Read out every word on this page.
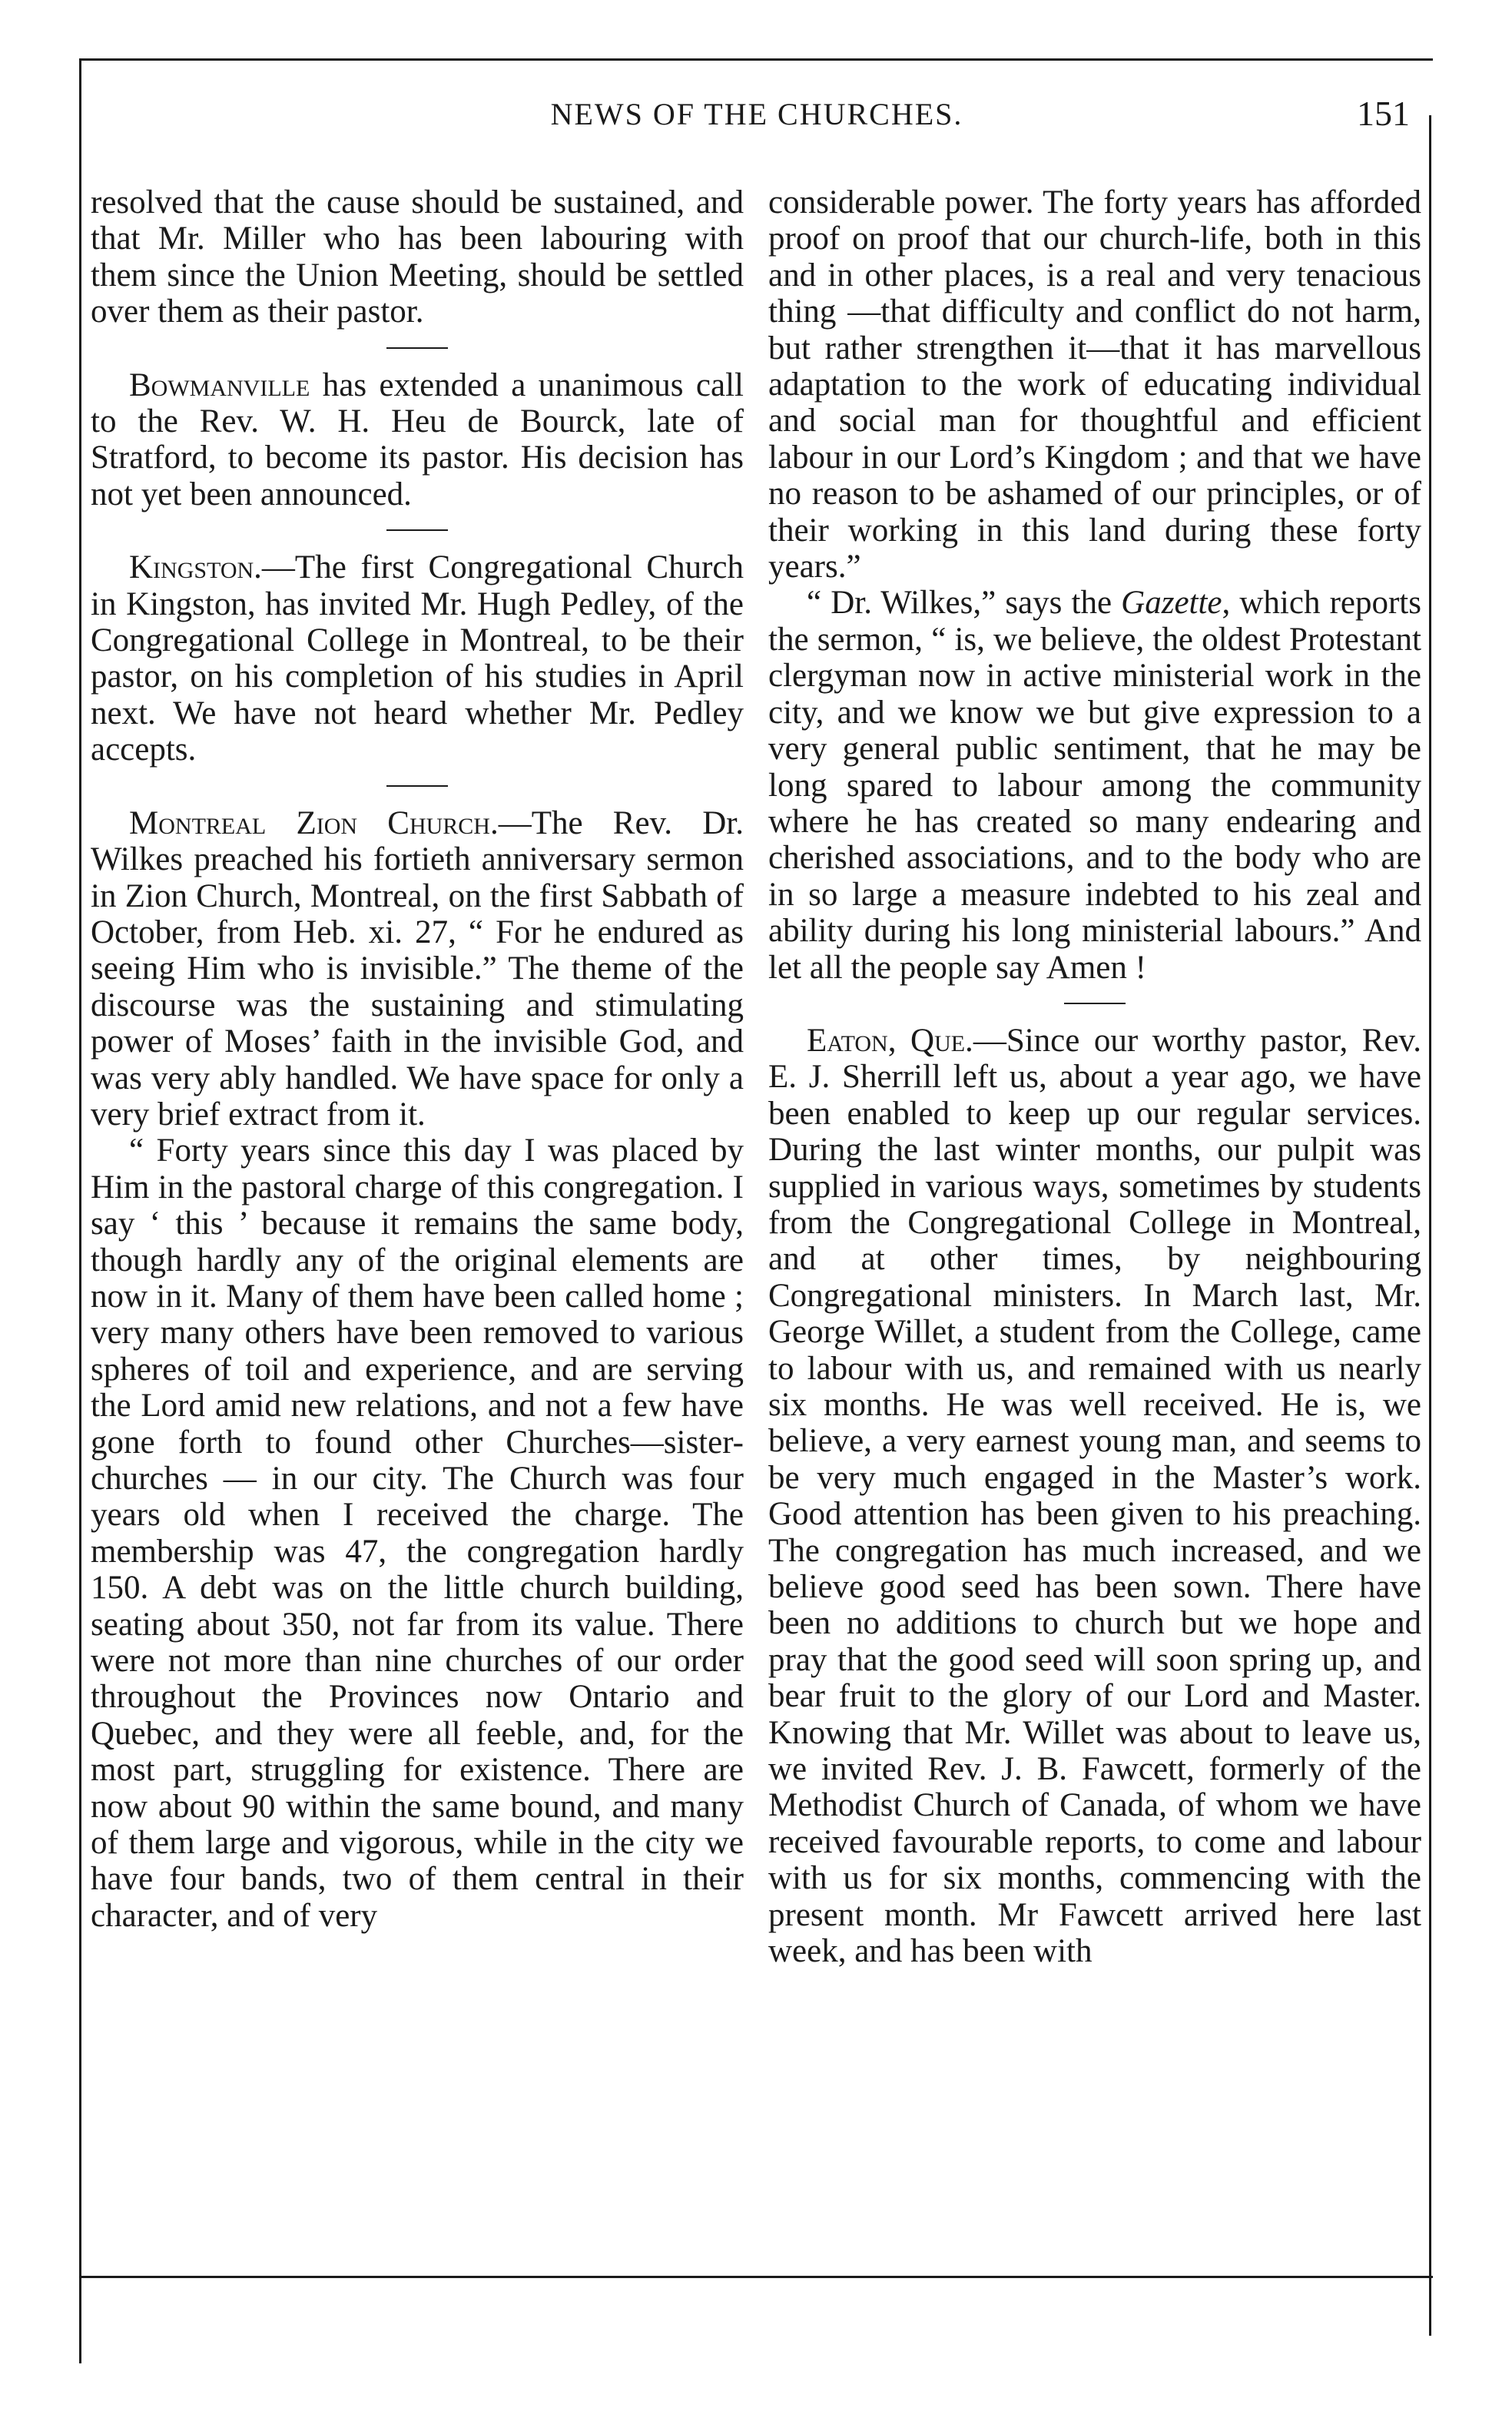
NEWS OF THE CHURCHES.	151

resolved that the cause should be sustained, and that Mr. Miller who has been labouring with them since the Union Meeting, should be settled over them as their pastor.

Bowmanville has extended a unanimous call to the Rev. W. H. Heu de Bourck, late of Stratford, to become its pastor. His decision has not yet been announced.

Kingston.—The first Congregational Church in Kingston, has invited Mr. Hugh Pedley, of the Congregational College in Montreal, to be their pastor, on his completion of his studies in April next. We have not heard whether Mr. Pedley accepts.

Montreal Zion Church.—The Rev. Dr. Wilkes preached his fortieth anniversary sermon in Zion Church, Montreal, on the first Sabbath of October, from Heb. xi. 27, “ For he endured as seeing Him who is invisible.” The theme of the discourse was the sustaining and stimulating power of Moses’ faith in the invisible God, and was very ably handled. We have space for only a very brief extract from it.

“ Forty years since this day I was placed by Him in the pastoral charge of this congregation. I say ‘ this ’ because it remains the same body, though hardly any of the original elements are now in it. Many of them have been called home ; very many others have been removed to various spheres of toil and experience, and are serving the Lord amid new relations, and not a few have gone forth to found other Churches—sister-churches — in our city. The Church was four years old when I received the charge. The membership was 47, the congregation hardly 150. A debt was on the little church building, seating about 350, not far from its value. There were not more than nine churches of our order throughout the Provinces now Ontario and Quebec, and they were all feeble, and, for the most part, struggling for existence. There are now about 90 within the same bound, and many of them large and vigorous, while in the city we have four bands, two of them central in their character, and of very

considerable power. The forty years has afforded proof on proof that our church-life, both in this and in other places, is a real and very tenacious thing —that difficulty and conflict do not harm, but rather strengthen it—that it has marvellous adaptation to the work of educating individual and social man for thoughtful and efficient labour in our Lord’s Kingdom ; and that we have no reason to be ashamed of our principles, or of their working in this land during these forty years.”

“ Dr. Wilkes,” says the Gazette, which reports the sermon, “ is, we believe, the oldest Protestant clergyman now in active ministerial work in the city, and we know we but give expression to a very general public sentiment, that he may be long spared to labour among the community where he has created so many endearing and cherished associations, and to the body who are in so large a measure indebted to his zeal and ability during his long ministerial labours.” And let all the people say Amen !

Eaton, Que.—Since our worthy pastor, Rev. E. J. Sherrill left us, about a year ago, we have been enabled to keep up our regular services. During the last winter months, our pulpit was supplied in various ways, sometimes by students from the Congregational College in Montreal, and at other times, by neighbouring Congregational ministers. In March last, Mr. George Willet, a student from the College, came to labour with us, and remained with us nearly six months. He was well received. He is, we believe, a very earnest young man, and seems to be very much engaged in the Master’s work. Good attention has been given to his preaching. The congregation has much increased, and we believe good seed has been sown. There have been no additions to church but we hope and pray that the good seed will soon spring up, and bear fruit to the glory of our Lord and Master. Knowing that Mr. Willet was about to leave us, we invited Rev. J. B. Fawcett, formerly of the Methodist Church of Canada, of whom we have received favourable reports, to come and labour with us for six months, commencing with the present month. Mr Fawcett arrived here last week, and has been with
